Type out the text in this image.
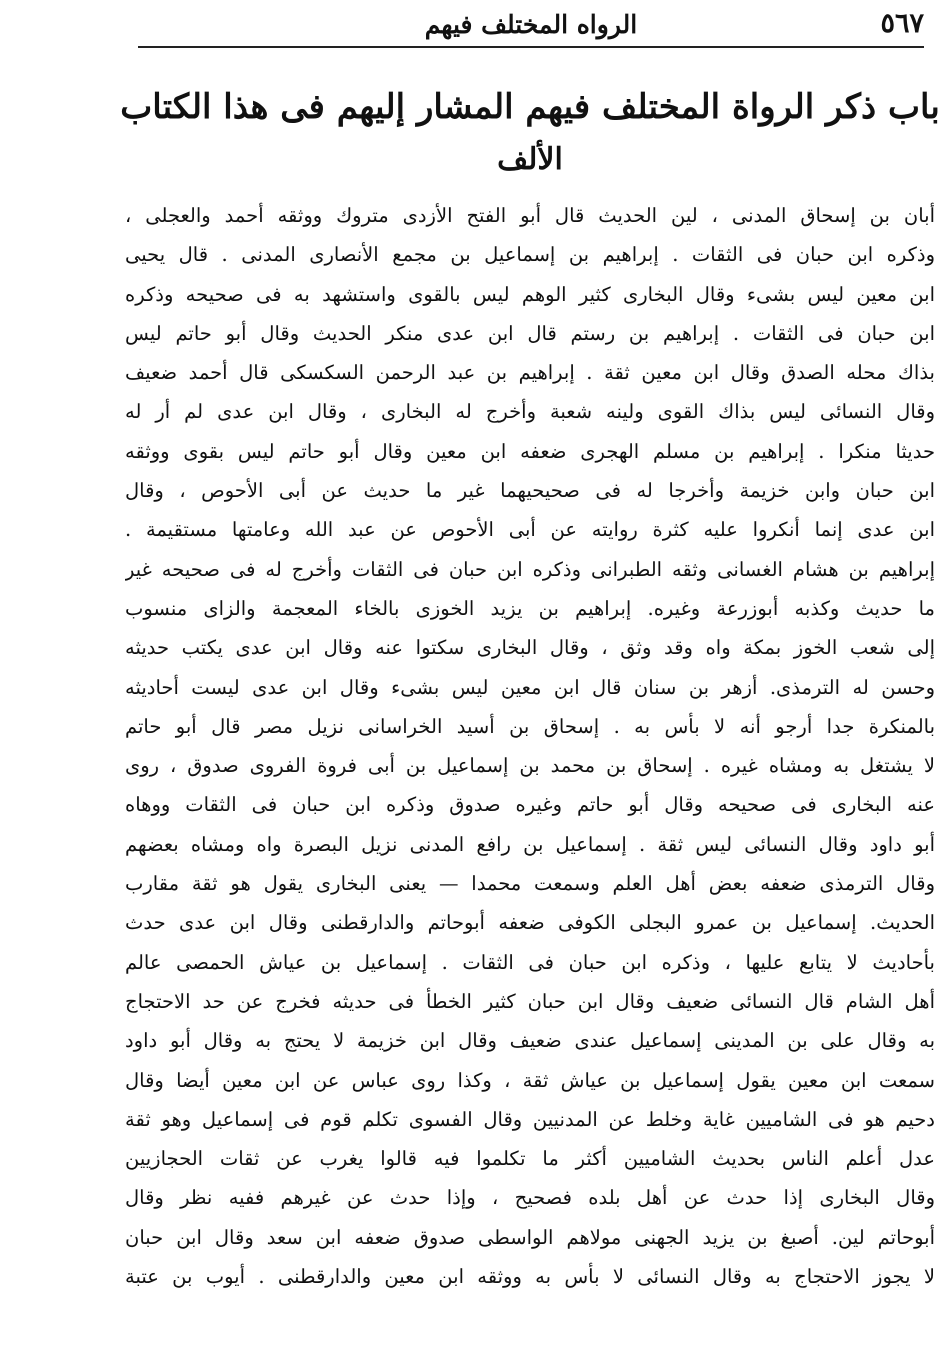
٥٦٧
الرواه المختلف فيهم
باب ذكر الرواة المختلف فيهم المشار إليهم فى هذا الكتاب
الألف
أبان بن إسحاق المدنى ، لين الحديث قال أبو الفتح الأزدى متروك ووثقه أحمد والعجلى ،
وذكره ابن حبان فى الثقات . إبراهيم بن إسماعيل بن مجمع الأنصارى المدنى . قال يحيى
ابن معين ليس بشىء وقال البخارى كثير الوهم ليس بالقوى واستشهد به فى صحيحه وذكره
ابن حبان فى الثقات . إبراهيم بن رستم قال ابن عدى منكر الحديث وقال أبو حاتم ليس
بذاك محله الصدق وقال ابن معين ثقة . إبراهيم بن عبد الرحمن السكسكى قال أحمد ضعيف
وقال النسائى ليس بذاك القوى ولينه شعبة وأخرج له البخارى ، وقال ابن عدى لم أر له
حديثا منكرا . إبراهيم بن مسلم الهجرى ضعفه ابن معين وقال أبو حاتم ليس بقوى ووثقه
ابن حبان وابن خزيمة وأخرجا له فى صحيحيهما غير ما حديث عن أبى الأحوص ، وقال
ابن عدى إنما أنكروا عليه كثرة روايته عن أبى الأحوص عن عبد الله وعامتها مستقيمة .
إبراهيم بن هشام الغسانى وثقه الطبرانى وذكره ابن حبان فى الثقات وأخرج له فى صحيحه غير
ما حديث وكذبه أبوزرعة وغيره. إبراهيم بن يزيد الخوزى بالخاء المعجمة والزاى منسوب
إلى شعب الخوز بمكة واه وقد وثق ، وقال البخارى سكتوا عنه وقال ابن عدى يكتب حديثه
وحسن له الترمذى. أزهر بن سنان قال ابن معين ليس بشىء وقال ابن عدى ليست أحاديثه
بالمنكرة جدا أرجو أنه لا بأس به . إسحاق بن أسيد الخراسانى نزيل مصر قال أبو حاتم
لا يشتغل به ومشاه غيره . إسحاق بن محمد بن إسماعيل بن أبى فروة الفروى صدوق ، روى
عنه البخارى فى صحيحه وقال أبو حاتم وغيره صدوق وذكره ابن حبان فى الثقات ووهاه
أبو داود وقال النسائى ليس ثقة . إسماعيل بن رافع المدنى نزيل البصرة واه ومشاه بعضهم
وقال الترمذى ضعفه بعض أهل العلم وسمعت محمدا — يعنى البخارى يقول هو ثقة مقارب
الحديث. إسماعيل بن عمرو البجلى الكوفى ضعفه أبوحاتم والدارقطنى وقال ابن عدى حدث
بأحاديث لا يتابع عليها ، وذكره ابن حبان فى الثقات . إسماعيل بن عياش الحمصى عالم
أهل الشام قال النسائى ضعيف وقال ابن حبان كثير الخطأ فى حديثه فخرج عن حد الاحتجاج
به وقال على بن المدينى إسماعيل عندى ضعيف وقال ابن خزيمة لا يحتج به وقال أبو داود
سمعت ابن معين يقول إسماعيل بن عياش ثقة ، وكذا روى عباس عن ابن معين أيضا وقال
دحيم هو فى الشاميين غاية وخلط عن المدنيين وقال الفسوى تكلم قوم فى إسماعيل وهو ثقة
عدل أعلم الناس بحديث الشاميين أكثر ما تكلموا فيه قالوا يغرب عن ثقات الحجازيين
وقال البخارى إذا حدث عن أهل بلده فصحيح ، وإذا حدث عن غيرهم ففيه نظر وقال
أبوحاتم لين. أصبغ بن يزيد الجهنى مولاهم الواسطى صدوق ضعفه ابن سعد وقال ابن حبان
لا يجوز الاحتجاج به وقال النسائى لا بأس به ووثقه ابن معين والدارقطنى . أيوب بن عتبة
